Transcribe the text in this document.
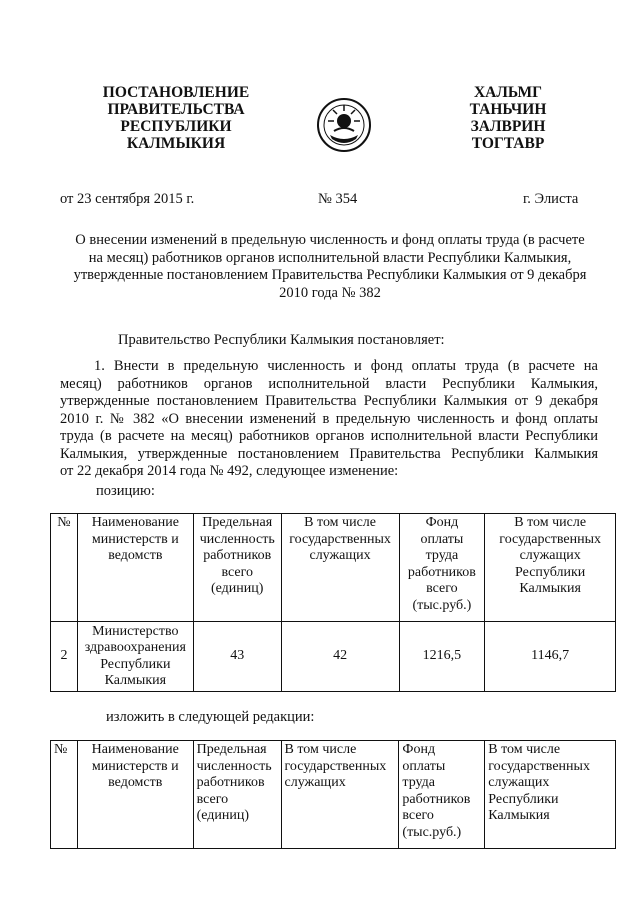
ПОСТАНОВЛЕНИЕ
ПРАВИТЕЛЬСТВА
РЕСПУБЛИКИ
КАЛМЫКИЯ
ХАЛЬМГ
ТАНЬЧИН
ЗАЛВРИН
ТОГТАВР
от 23 сентября 2015 г.	№ 354	г. Элиста
О внесении изменений в предельную численность и фонд оплаты труда (в расчете
на месяц) работников органов исполнительной власти Республики Калмыкия,
утвержденные постановлением Правительства Республики Калмыкия от 9 декабря
2010 года № 382
Правительство Республики Калмыкия постановляет:
1. Внести в предельную численность и фонд оплаты труда (в расчете на
месяц) работников органов исполнительной власти Республики Калмыкия,
утвержденные постановлением Правительства Республики Калмыкия от 9 декабря
2010 г. № 382 «О внесении изменений в предельную численность и фонд оплаты
труда (в расчете на месяц) работников органов исполнительной власти Республики
Калмыкия, утвержденные постановлением Правительства Республики Калмыкия
от 22 декабря 2014 года № 492, следующее изменение:
позицию:
№	Наименование министерств и ведомств	Предельная численность работников всего (единиц)	В том числе государственных служащих	Фонд оплаты труда работников всего (тыс.руб.)	В том числе государственных служащих Республики Калмыкия
2	Министерство здравоохранения Республики Калмыкия	43	42	1216,5	1146,7
изложить в следующей редакции:
№	Наименование министерств и ведомств	Предельная численность работников всего (единиц)	В том числе государственных служащих	Фонд оплаты труда работников всего (тыс.руб.)	В том числе государственных служащих Республики Калмыкия
